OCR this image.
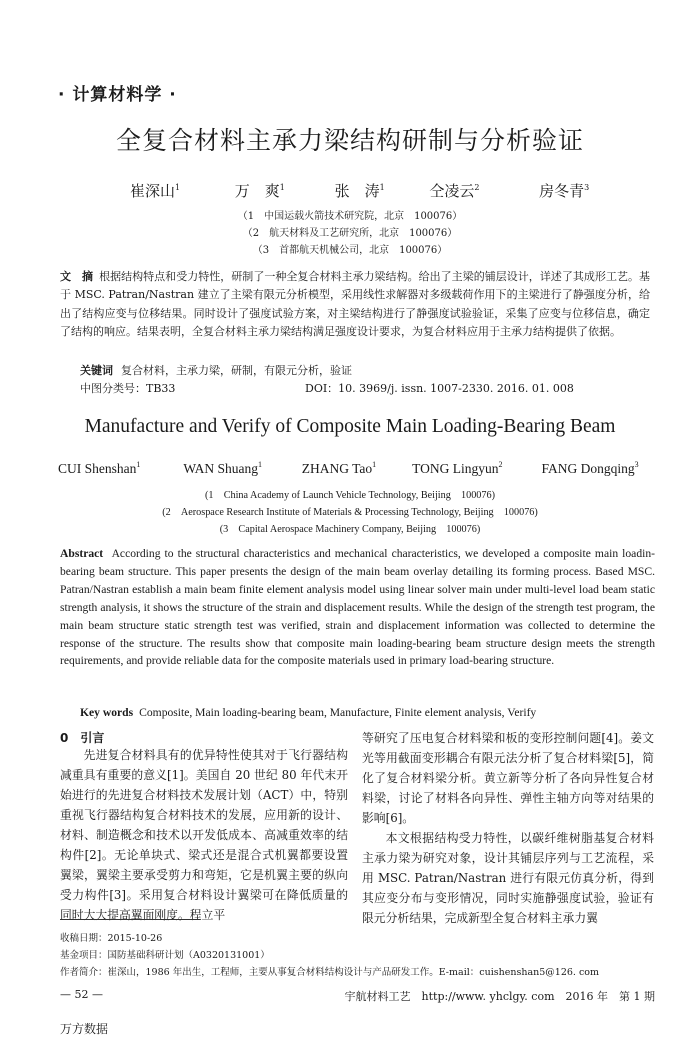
· 计算材料学 ·
全复合材料主承力梁结构研制与分析验证
崔深山$^1$	万　爽$^1$	张　涛$^1$	仝凌云$^2$	房冬青$^3$
（1　中国运载火箭技术研究院，北京　100076）
（2　航天材料及工艺研究所，北京　100076）
（3　首都航天机械公司，北京　100076）
文　摘 根据结构特点和受力特性，研制了一种全复合材料主承力梁结构。给出了主梁的铺层设计，详述了其成形工艺。基于 MSC. Patran/Nastran 建立了主梁有限元分析模型，采用线性求解器对多级载荷作用下的主梁进行了静强度分析，给出了结构应变与位移结果。同时设计了强度试验方案，对主梁结构进行了静强度试验验证，采集了应变与位移信息，确定了结构的响应。结果表明，全复合材料主承力梁结构满足强度设计要求，为复合材料应用于主承力结构提供了依据。
关键词 复合材料，主承力梁，研制，有限元分析，验证
中图分类号：TB33	DOI：10. 3969/j. issn. 1007-2330. 2016. 01. 008
Manufacture and Verify of Composite Main Loading-Bearing Beam
CUI Shenshan$^1$	WAN Shuang$^1$	ZHANG Tao$^1$	TONG Lingyun$^2$	FANG Dongqing$^3$
(1　China Academy of Launch Vehicle Technology, Beijing　100076)
(2　Aerospace Research Institute of Materials & Processing Technology, Beijing　100076)
(3　Capital Aerospace Machinery Company, Beijing　100076)
Abstract According to the structural characteristics and mechanical characteristics, we developed a composite main loadin-bearing beam structure. This paper presents the design of the main beam overlay detailing its forming process. Based MSC. Patran/Nastran establish a main beam finite element analysis model using linear solver main under multi-level load beam static strength analysis, it shows the structure of the strain and displacement results. While the design of the strength test program, the main beam structure static strength test was verified, strain and displacement information was collected to determine the response of the structure. The results show that composite main loading-bearing beam structure design meets the strength requirements, and provide reliable data for the composite materials used in primary load-bearing structure.
Key words Composite, Main loading-bearing beam, Manufacture, Finite element analysis, Verify
0　引言

先进复合材料具有的优异特性使其对于飞行器结构减重具有重要的意义[1]。美国自 20 世纪 80 年代末开始进行的先进复合材料技术发展计划（ACT）中，特别重视飞行器结构复合材料技术的发展，应用新的设计、材料、制造概念和技术以开发低成本、高减重效率的结构件[2]。无论单块式、梁式还是混合式机翼都要设置翼梁，翼梁主要承受剪力和弯矩，它是机翼主要的纵向受力构件[3]。采用复合材料设计翼梁可在降低质量的同时大大提高翼面刚度。程立平

等研究了压电复合材料梁和板的变形控制问题[4]。姜文光等用截面变形耦合有限元法分析了复合材料梁[5]，简化了复合材料梁分析。黄立新等分析了各向异性复合材料梁，讨论了材料各向异性、弹性主轴方向等对结果的影响[6]。

本文根据结构受力特性，以碳纤维树脂基复合材料主承力梁为研究对象，设计其铺层序列与工艺流程，采用 MSC. Patran/Nastran 进行有限元仿真分析，得到其应变分布与变形情况，同时实施静强度试验，验证有限元分析结果，完成新型全复合材料主承力翼

收稿日期：2015-10-26
基金项目：国防基础科研计划（A0320131001）
作者简介：崔深山，1986 年出生，工程师，主要从事复合材料结构设计与产品研发工作。E-mail：cuishenshan5@126. com
— 52 —	宇航材料工艺　http://www. yhclgy. com　2016 年　第 1 期
万方数据
